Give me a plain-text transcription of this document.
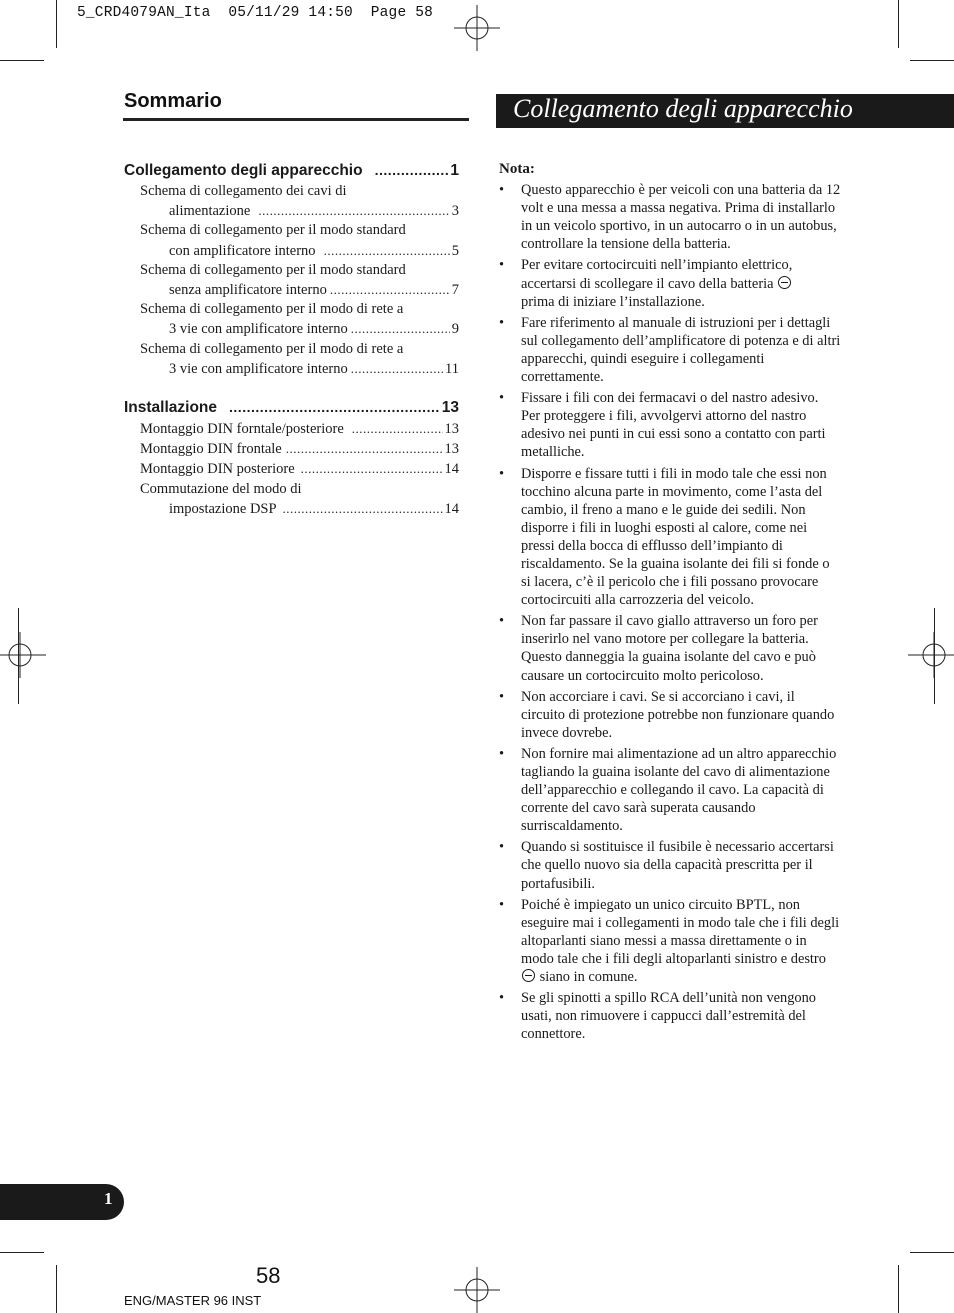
5_CRD4079AN_Ita  05/11/29 14:50  Page 58
Sommario	Collegamento degli apparecchio
Collegamento degli apparecchio .....	1
Schema di collegamento dei cavi di
alimentazione .....	3
Schema di collegamento per il modo standard
con amplificatore interno .....	5
Schema di collegamento per il modo standard
senza amplificatore interno .....	7
Schema di collegamento per il modo di rete a
3 vie con amplificatore interno .....	9
Schema di collegamento per il modo di rete a
3 vie con amplificatore interno .....	11
Installazione .....	13
Montaggio DIN forntale/posteriore .....	13
Montaggio DIN frontale .....	13
Montaggio DIN posteriore .....	14
Commutazione del modo di
impostazione DSP .....	14
Nota:
•	Questo apparecchio è per veicoli con una batteria da 12 volt e una messa a massa negativa. Prima di installarlo in un veicolo sportivo, in un autocarro o in un autobus, controllare la tensione della batteria.
•	Per evitare cortocircuiti nell’impianto elettrico, accertarsi di scollegare il cavo della batteria
prima di iniziare l’installazione.
•	Fare riferimento al manuale di istruzioni per i dettagli sul collegamento dell’amplificatore di potenza e di altri apparecchi, quindi eseguire i collegamenti correttamente.
•	Fissare i fili con dei fermacavi o del nastro adesivo. Per proteggere i fili, avvolgervi attorno del nastro adesivo nei punti in cui essi sono a contatto con parti metalliche.
•	Disporre e fissare tutti i fili in modo tale che essi non tocchino alcuna parte in movimento, come l’asta del cambio, il freno a mano e le guide dei sedili. Non disporre i fili in luoghi esposti al calore, come nei pressi della bocca di efflusso dell’impianto di riscaldamento. Se la guaina isolante dei fili si fonde o si lacera, c’è il pericolo che i fili possano provocare cortocircuiti alla carrozzeria del veicolo.
•	Non far passare il cavo giallo attraverso un foro per inserirlo nel vano motore per collegare la batteria. Questo danneggia la guaina isolante del cavo e può causare un cortocircuito molto pericoloso.
•	Non accorciare i cavi. Se si accorciano i cavi, il circuito di protezione potrebbe non funzionare quando invece dovrebe.
•	Non fornire mai alimentazione ad un altro apparecchio tagliando la guaina isolante del cavo di alimentazione dell’apparecchio e collegando il cavo. La capacità di corrente del cavo sarà superata causando surriscaldamento.
•	Quando si sostituisce il fusibile è necessario accertarsi che quello nuovo sia della capacità prescritta per il portafusibili.
•	Poiché è impiegato un unico circuito BPTL, non eseguire mai i collegamenti in modo tale che i fili degli altoparlanti siano messi a massa direttamente o in modo tale che i fili degli altoparlanti sinistro e destro  siano in comune.
•	Se gli spinotti a spillo RCA dell’unità non vengono usati, non rimuovere i cappucci dall’estremità del connettore.
1
58
ENG/MASTER 96 INST
